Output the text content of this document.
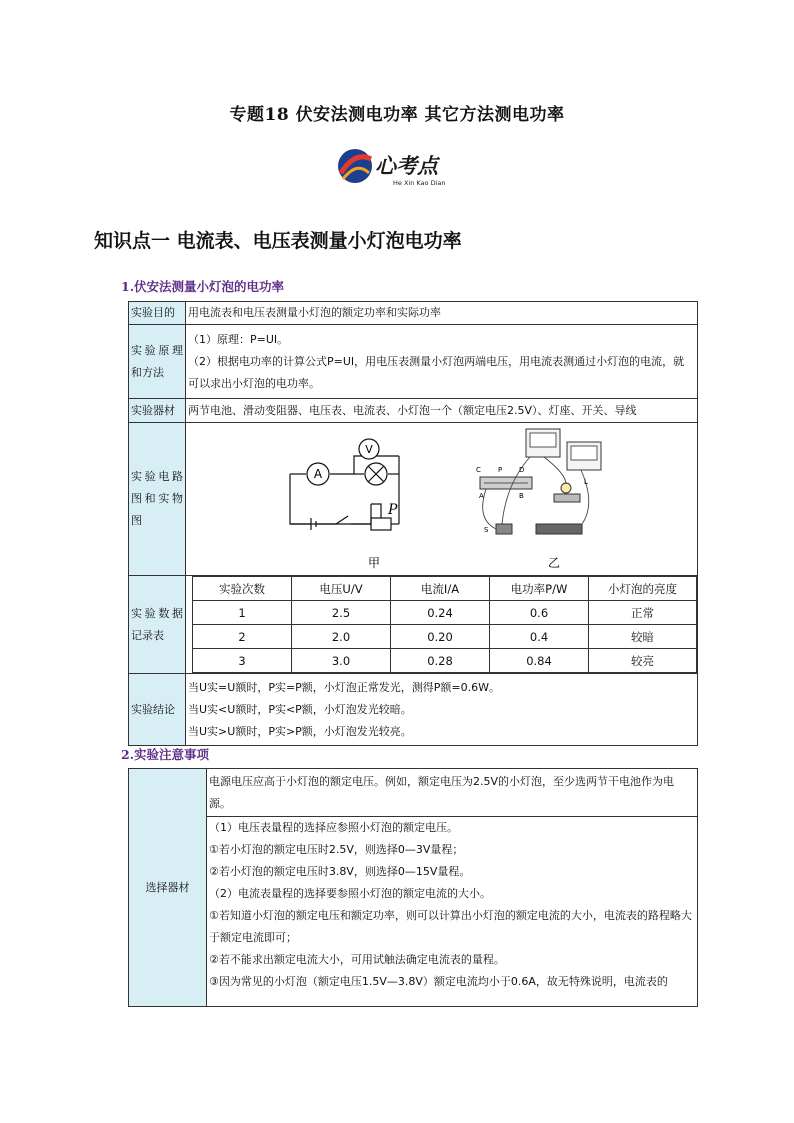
专题18 伏安法测电功率 其它方法测电功率
心考点
He Xin Kao Dian
知识点一 电流表、电压表测量小灯泡电功率
1.伏安法测量小灯泡的电功率
实验目的	用电流表和电压表测量小灯泡的额定功率和实际功率
实验原理和方法	
（1）原理：P=UI。
（2）根据电功率的计算公式P=UI，用电压表测量小灯泡两端电压，用电流表测通过小灯泡的电流，就可以求出小灯泡的电功率。

实验器材	两节电池、滑动变阻器、电压表、电流表、小灯泡一个（额定电压2.5V）、灯座、开关、导线
实验电路图和实物图	
A
V
P
C P D
A	B
L
S
甲	乙

实验数据记录表	
实验次数	电压U/V	电流I/A	电功率P/W	小灯泡的亮度
1	2.5	0.24	0.6	正常
2	2.0	0.20	0.4	较暗
3	3.0	0.28	0.84	较亮

实验结论	
当U实=U额时，P实=P额，小灯泡正常发光，测得P额=0.6W。
当U实<U额时，P实<P额，小灯泡发光较暗。
当U实>U额时，P实>P额，小灯泡发光较亮。
2.实验注意事项
选择器材	电源电压应高于小灯泡的额定电压。例如，额定电压为2.5V的小灯泡，至少选两节干电池作为电源。

（1）电压表量程的选择应参照小灯泡的额定电压。
①若小灯泡的额定电压时2.5V，则选择0—3V量程；
②若小灯泡的额定电压时3.8V，则选择0—15V量程。
（2）电流表量程的选择要参照小灯泡的额定电流的大小。
①若知道小灯泡的额定电压和额定功率，则可以计算出小灯泡的额定电流的大小，电流表的路程略大于额定电流即可；
②若不能求出额定电流大小，可用试触法确定电流表的量程。
③因为常见的小灯泡（额定电压1.5V—3.8V）额定电流均小于0.6A，故无特殊说明，电流表的
